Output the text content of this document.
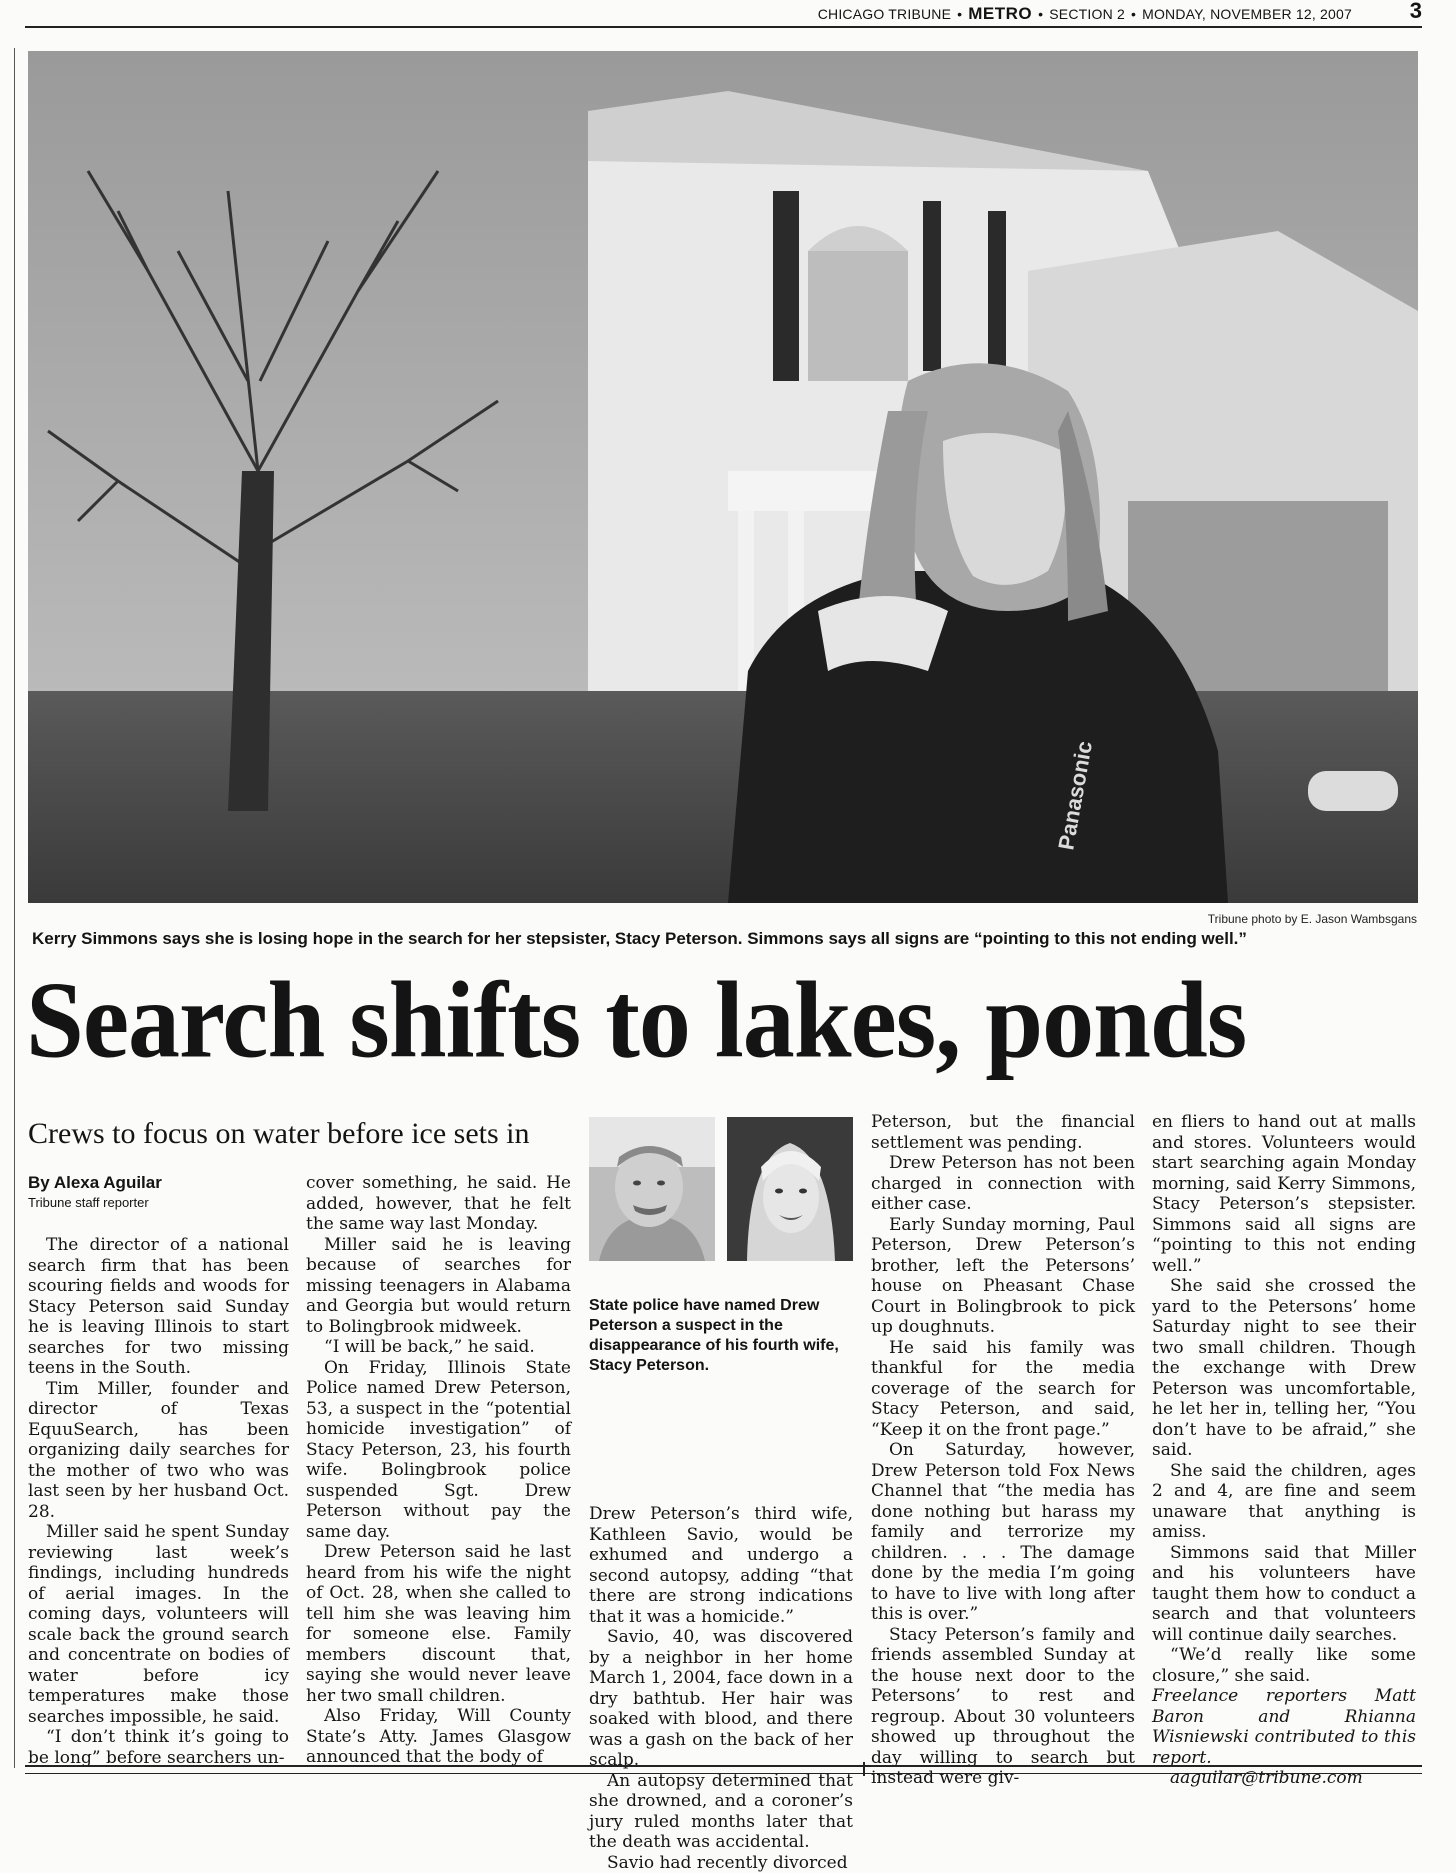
CHICAGO TRIBUNE • METRO • SECTION 2 • MONDAY, NOVEMBER 12, 2007	3
Panasonic
Tribune photo by E. Jason Wambsgans
Kerry Simmons says she is losing hope in the search for her stepsister, Stacy Peterson. Simmons says all signs are “pointing to this not ending well.”
Search shifts to lakes, ponds
Crews to focus on water before ice sets in
By Alexa Aguilar
Tribune staff reporter

The director of a national search firm that has been scouring fields and woods for Stacy Peterson said Sunday he is leaving Illinois to start searches for two missing teens in the South.

Tim Miller, founder and director of Texas EquuSearch, has been organizing daily searches for the mother of two who was last seen by her husband Oct. 28.

Miller said he spent Sunday reviewing last week’s findings, including hundreds of aerial images. In the coming days, volunteers will scale back the ground search and concentrate on bodies of water before icy temperatures make those searches impossible, he said.

“I don’t think it’s going to be long” before searchers un-

cover something, he said. He added, however, that he felt the same way last Monday.

Miller said he is leaving because of searches for missing teenagers in Alabama and Georgia but would return to Bolingbrook midweek.

“I will be back,” he said.

On Friday, Illinois State Police named Drew Peterson, 53, a suspect in the “potential homicide investigation” of Stacy Peterson, 23, his fourth wife. Bolingbrook police suspended Sgt. Drew Peterson without pay the same day.

Drew Peterson said he last heard from his wife the night of Oct. 28, when she called to tell him she was leaving him for someone else. Family members discount that, saying she would never leave her two small children.

Also Friday, Will County State’s Atty. James Glasgow announced that the body of

State police have named Drew Peterson a suspect in the disappearance of his fourth wife, Stacy Peterson.

Drew Peterson’s third wife, Kathleen Savio, would be exhumed and undergo a second autopsy, adding “that there are strong indications that it was a homicide.”

Savio, 40, was discovered by a neighbor in her home March 1, 2004, face down in a dry bathtub. Her hair was soaked with blood, and there was a gash on the back of her scalp.

An autopsy determined that she drowned, and a coroner’s jury ruled months later that the death was accidental.

Savio had recently divorced

Peterson, but the financial settlement was pending.

Drew Peterson has not been charged in connection with either case.

Early Sunday morning, Paul Peterson, Drew Peterson’s brother, left the Petersons’ house on Pheasant Chase Court in Bolingbrook to pick up doughnuts.

He said his family was thankful for the media coverage of the search for Stacy Peterson, and said, “Keep it on the front page.”

On Saturday, however, Drew Peterson told Fox News Channel that “the media has done nothing but harass my family and terrorize my children. . . . The damage done by the media I’m going to have to live with long after this is over.”

Stacy Peterson’s family and friends assembled Sunday at the house next door to the Petersons’ to rest and regroup. About 30 volunteers showed up throughout the day willing to search but instead were giv-

en fliers to hand out at malls and stores. Volunteers would start searching again Monday morning, said Kerry Simmons, Stacy Peterson’s stepsister. Simmons said all signs are “pointing to this not ending well.”

She said she crossed the yard to the Petersons’ home Saturday night to see their two small children. Though the exchange with Drew Peterson was uncomfortable, he let her in, telling her, “You don’t have to be afraid,” she said.

She said the children, ages 2 and 4, are fine and seem unaware that anything is amiss.

Simmons said that Miller and his volunteers have taught them how to conduct a search and that volunteers will continue daily searches.

“We’d really like some closure,” she said.

Freelance reporters Matt Baron and Rhianna Wisniewski contributed to this report.

aaguilar@tribune.com
